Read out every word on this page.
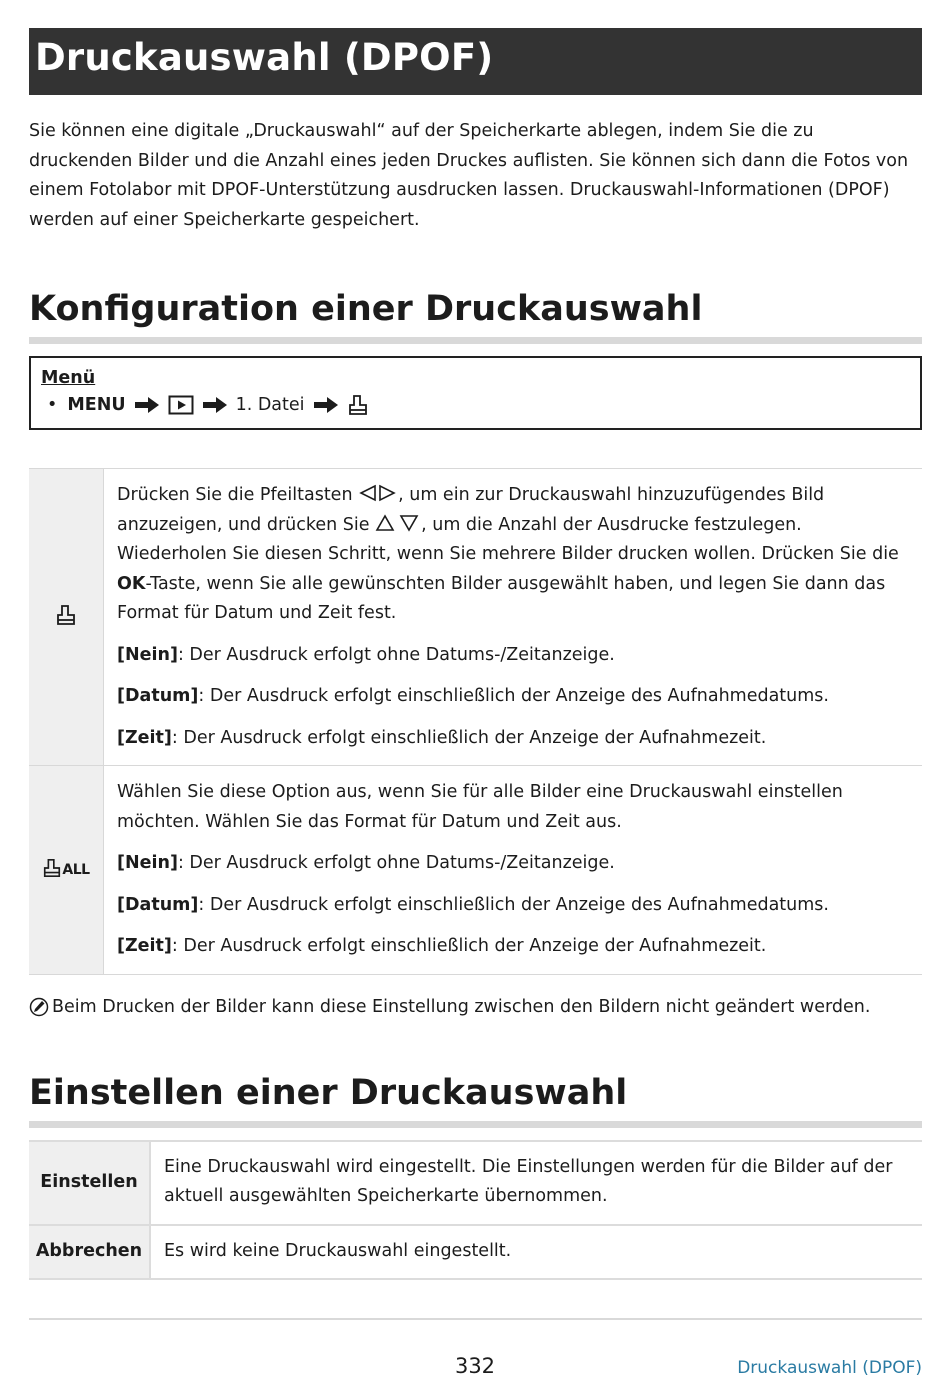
Druckauswahl (DPOF)
Sie können eine digitale „Druckauswahl“ auf der Speicherkarte ablegen, indem Sie die zu druckenden Bilder und die Anzahl eines jeden Druckes auflisten. Sie können sich dann die Fotos von einem Fotolabor mit DPOF-Unterstützung ausdrucken lassen. Druckauswahl-Informationen (DPOF) werden auf einer Speicherkarte gespeichert.
Konfiguration einer Druckauswahl
Menü
• MENU	1. Datei

Drücken Sie die Pfeiltasten , um ein zur Druckauswahl hinzuzufügendes Bild anzuzeigen, und drücken Sie , um die Anzahl der Ausdrucke festzulegen. Wiederholen Sie diesen Schritt, wenn Sie mehrere Bilder drucken wollen. Drücken Sie die OK-Taste, wenn Sie alle gewünschten Bilder ausgewählt haben, und legen Sie dann das Format für Datum und Zeit fest.

[Nein]: Der Ausdruck erfolgt ohne Datums-/Zeitanzeige.

[Datum]: Der Ausdruck erfolgt einschließlich der Anzeige des Aufnahmedatums.

[Zeit]: Der Ausdruck erfolgt einschließlich der Anzeige der Aufnahmezeit.

ALL	Wählen Sie diese Option aus, wenn Sie für alle Bilder eine Druckauswahl einstellen möchten. Wählen Sie das Format für Datum und Zeit aus.

[Nein]: Der Ausdruck erfolgt ohne Datums-/Zeitanzeige.

[Datum]: Der Ausdruck erfolgt einschließlich der Anzeige des Aufnahmedatums.

[Zeit]: Der Ausdruck erfolgt einschließlich der Anzeige der Aufnahmezeit.

Beim Drucken der Bilder kann diese Einstellung zwischen den Bildern nicht geändert werden.
Einstellen einer Druckauswahl
Einstellen	Eine Druckauswahl wird eingestellt. Die Einstellungen werden für die Bilder auf der aktuell ausgewählten Speicherkarte übernommen.
Abbrechen	Es wird keine Druckauswahl eingestellt.
332	Druckauswahl (DPOF)
